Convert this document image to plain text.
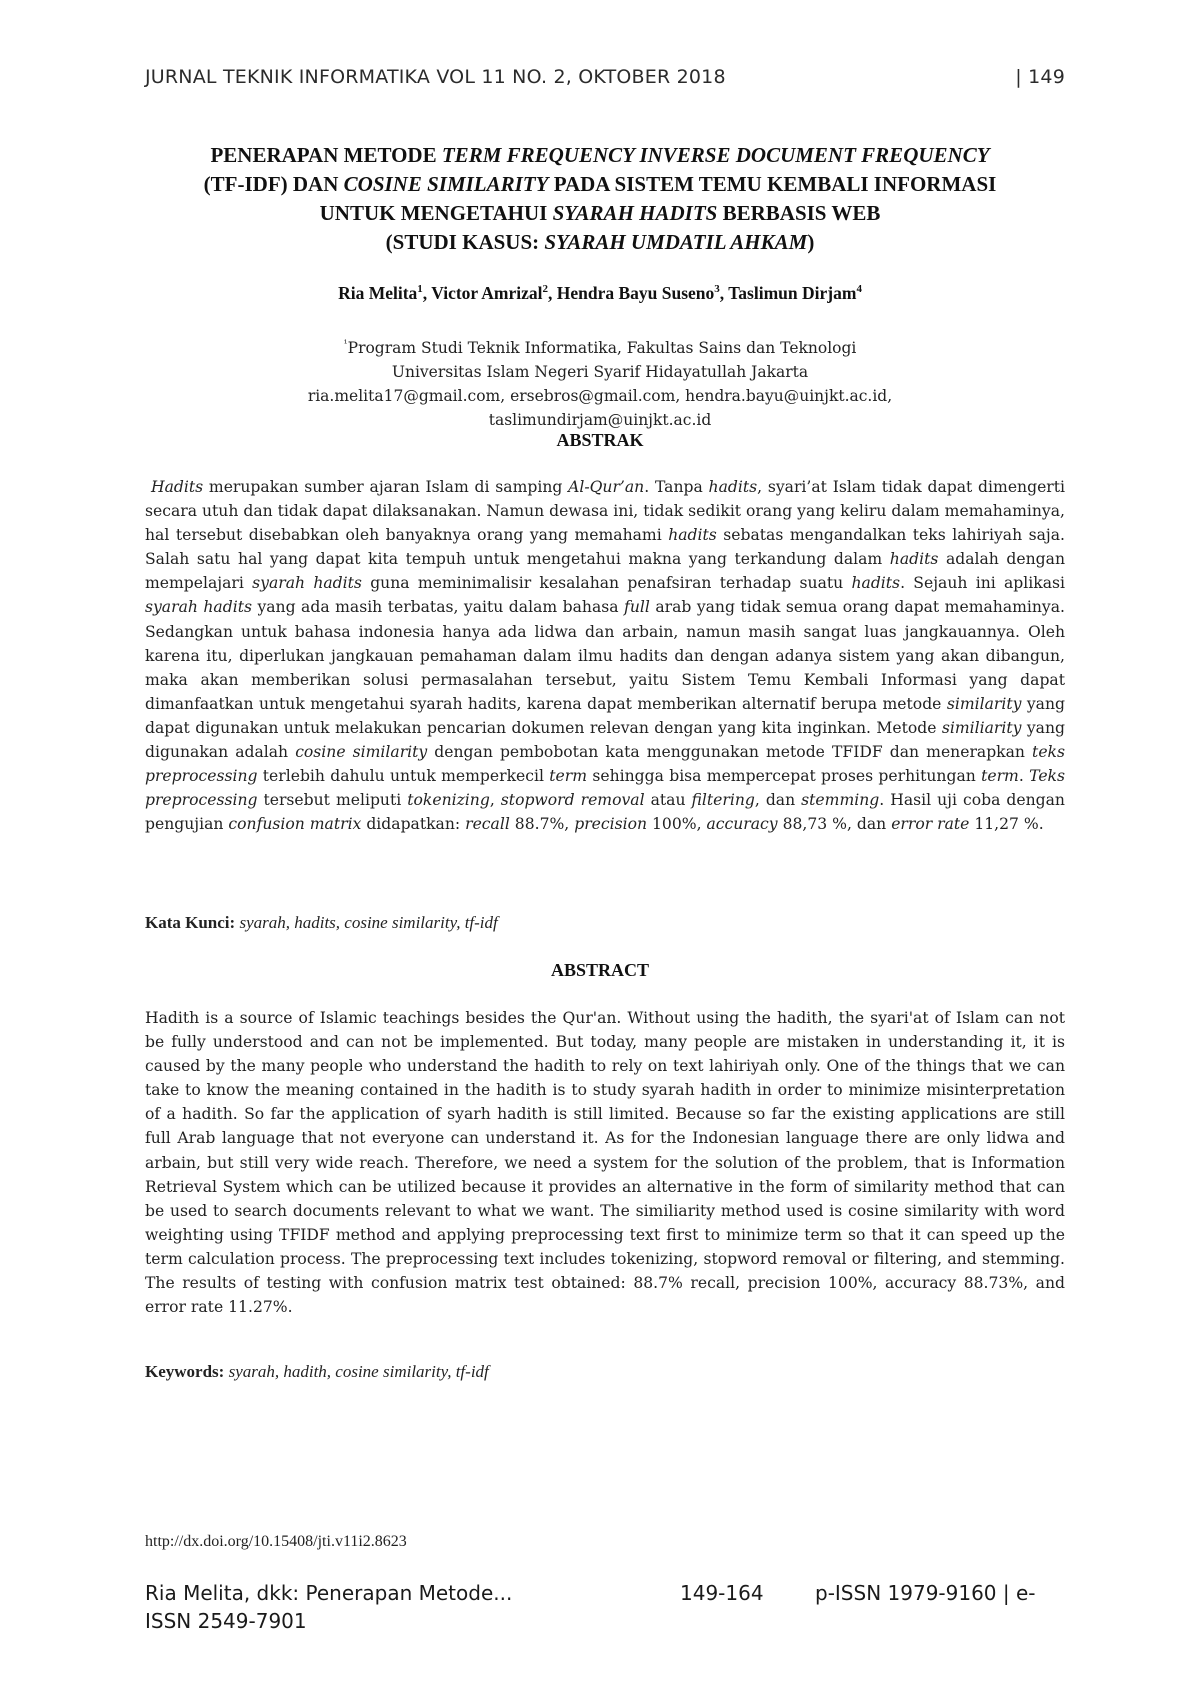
JURNAL TEKNIK INFORMATIKA VOL 11 NO. 2, OKTOBER 2018	| 149
PENERAPAN METODE TERM FREQUENCY INVERSE DOCUMENT FREQUENCY
(TF-IDF) DAN COSINE SIMILARITY PADA SISTEM TEMU KEMBALI INFORMASI
UNTUK MENGETAHUI SYARAH HADITS BERBASIS WEB
(STUDI KASUS: SYARAH UMDATIL AHKAM)
Ria Melita$^1$, Victor Amrizal$^2$, Hendra Bayu Suseno$^3$, Taslimun Dirjam$^4$
$^{^1}$Program Studi Teknik Informatika, Fakultas Sains dan Teknologi
Universitas Islam Negeri Syarif Hidayatullah Jakarta
ria.melita17@gmail.com, ersebros@gmail.com, hendra.bayu@uinjkt.ac.id,
taslimundirjam@uinjkt.ac.id
ABSTRAK
Hadits merupakan sumber ajaran Islam di samping Al-Qur’an. Tanpa hadits, syari’at Islam tidak dapat dimengerti secara utuh dan tidak dapat dilaksanakan. Namun dewasa ini, tidak sedikit orang yang keliru dalam memahaminya, hal tersebut disebabkan oleh banyaknya orang yang memahami hadits sebatas mengandalkan teks lahiriyah saja. Salah satu hal yang dapat kita tempuh untuk mengetahui makna yang terkandung dalam hadits adalah dengan mempelajari syarah hadits guna meminimalisir kesalahan penafsiran terhadap suatu hadits. Sejauh ini aplikasi syarah hadits yang ada masih terbatas, yaitu dalam bahasa full arab yang tidak semua orang dapat memahaminya. Sedangkan untuk bahasa indonesia hanya ada lidwa dan arbain, namun masih sangat luas jangkauannya. Oleh karena itu, diperlukan jangkauan pemahaman dalam ilmu hadits dan dengan adanya sistem yang akan dibangun, maka akan memberikan solusi permasalahan tersebut, yaitu Sistem Temu Kembali Informasi yang dapat dimanfaatkan untuk mengetahui syarah hadits, karena dapat memberikan alternatif berupa metode similarity yang dapat digunakan untuk melakukan pencarian dokumen relevan dengan yang kita inginkan. Metode similiarity yang digunakan adalah cosine similarity dengan pembobotan kata menggunakan metode TFIDF dan menerapkan teks preprocessing terlebih dahulu untuk memperkecil term sehingga bisa mempercepat proses perhitungan term. Teks preprocessing tersebut meliputi tokenizing, stopword removal atau filtering, dan stemming. Hasil uji coba dengan pengujian confusion matrix didapatkan: recall 88.7%, precision 100%, accuracy 88,73 %, dan error rate 11,27 %.
Kata Kunci: syarah, hadits, cosine similarity, tf-idf
ABSTRACT
Hadith is a source of Islamic teachings besides the Qur'an. Without using the hadith, the syari'at of Islam can not be fully understood and can not be implemented. But today, many people are mistaken in understanding it, it is caused by the many people who understand the hadith to rely on text lahiriyah only. One of the things that we can take to know the meaning contained in the hadith is to study syarah hadith in order to minimize misinterpretation of a hadith. So far the application of syarh hadith is still limited. Because so far the existing applications are still full Arab language that not everyone can understand it. As for the Indonesian language there are only lidwa and arbain, but still very wide reach. Therefore, we need a system for the solution of the problem, that is Information Retrieval System which can be utilized because it provides an alternative in the form of similarity method that can be used to search documents relevant to what we want. The similiarity method used is cosine similarity with word weighting using TFIDF method and applying preprocessing text first to minimize term so that it can speed up the term calculation process. The preprocessing text includes tokenizing, stopword removal or filtering, and stemming. The results of testing with confusion matrix test obtained: 88.7% recall, precision 100%, accuracy 88.73%, and error rate 11.27%.
Keywords: syarah, hadith, cosine similarity, tf-idf
http://dx.doi.org/10.15408/jti.v11i2.8623
Ria Melita, dkk: Penerapan Metode...	149-164	p-ISSN 1979-9160 | e-
ISSN 2549-7901
